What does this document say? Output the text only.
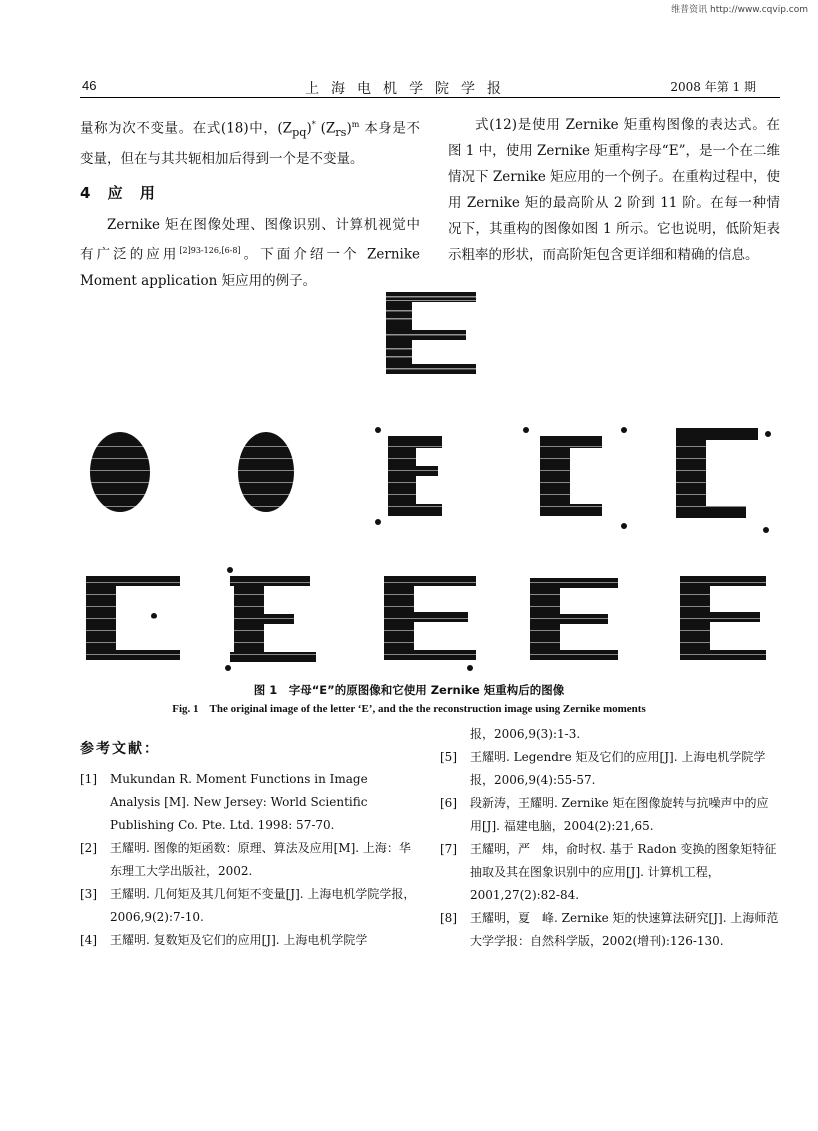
维普资讯 http://www.cqvip.com
46	上海电机学院学报	2008 年第 1 期

量称为次不变量。在式(18)中，$(Z_{pq})^*$ $(Z_{rs})^m$ 本身是不变量，但在与其共轭相加后得到一个是不变量。

4 应 用

Zernike 矩在图像处理、图像识别、计算机视觉中有广泛的应用[2]93-126,[6-8]。下面介绍一个 Zernike Moment application 矩应用的例子。

式(12)是使用 Zernike 矩重构图像的表达式。在图 1 中，使用 Zernike 矩重构字母“E”，是一个在二维情况下 Zernike 矩应用的一个例子。在重构过程中，使用 Zernike 矩的最高阶从 2 阶到 11 阶。在每一种情况下，其重构的图像如图 1 所示。它也说明，低阶矩表示粗率的形状，而高阶矩包含更详细和精确的信息。

图 1　字母“E”的原图像和它使用 Zernike 矩重构后的图像
Fig. 1　The original image of the letter ‘E’, and the the reconstruction image using Zernike moments
参考文献：
[1]	Mukundan R. Moment Functions in Image Analysis [M]. New Jersey: World Scientific Publishing Co. Pte. Ltd. 1998: 57-70.
[2]	王耀明. 图像的矩函数：原理、算法及应用[M]. 上海：华东理工大学出版社，2002.
[3]	王耀明. 几何矩及其几何矩不变量[J]. 上海电机学院学报，2006,9(2):7-10.
[4]	王耀明. 复数矩及它们的应用[J]. 上海电机学院学
报，2006,9(3):1-3.
[5]	王耀明. Legendre 矩及它们的应用[J]. 上海电机学院学报，2006,9(4):55-57.
[6]	段新涛，王耀明. Zernike 矩在图像旋转与抗噪声中的应用[J]. 福建电脑，2004(2):21,65.
[7]	王耀明，严　炜，俞时权. 基于 Radon 变换的图象矩特征抽取及其在图象识别中的应用[J]. 计算机工程，2001,27(2):82-84.
[8]	王耀明，夏　峰. Zernike 矩的快速算法研究[J]. 上海师范大学学报：自然科学版，2002(增刊):126-130.
